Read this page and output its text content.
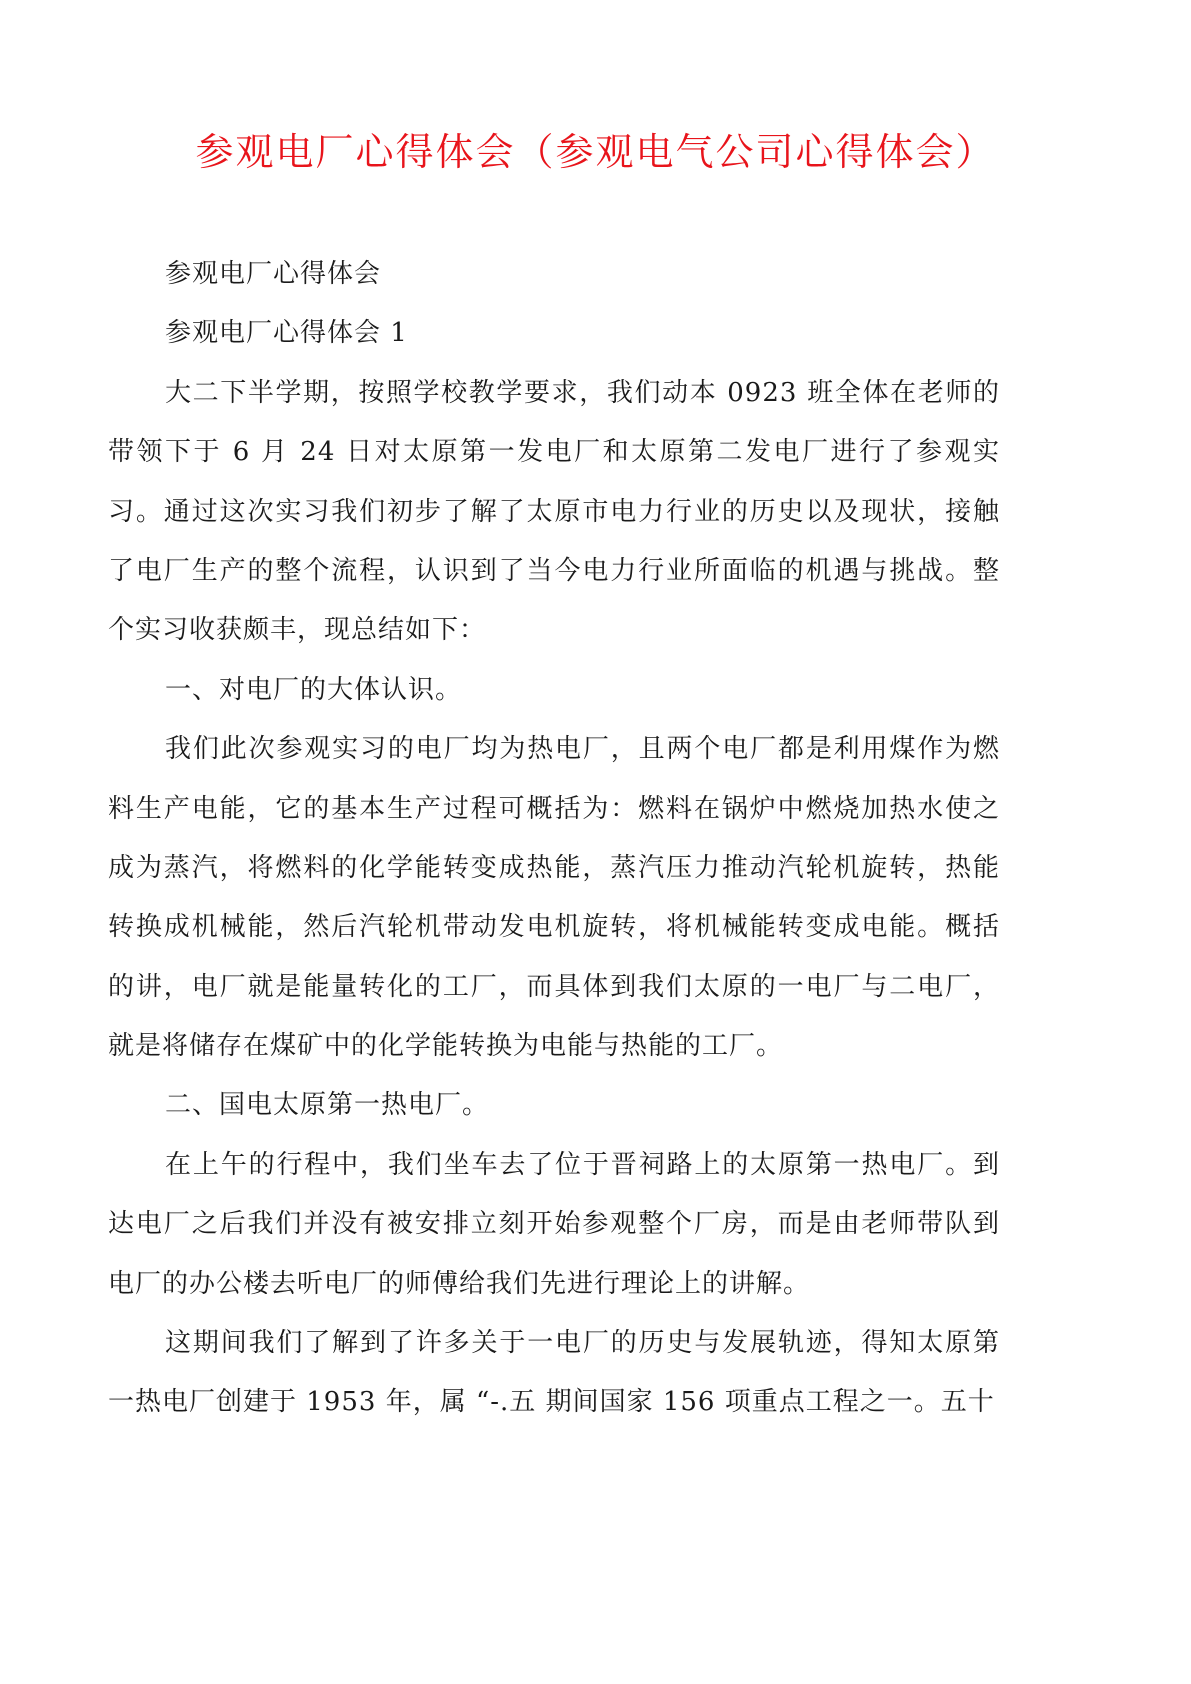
参观电厂心得体会（参观电气公司心得体会）
参观电厂心得体会
参观电厂心得体会 1
大二下半学期，按照学校教学要求，我们动本 0923 班全体在老师的
带领下于 6 月 24 日对太原第一发电厂和太原第二发电厂进行了参观实
习。通过这次实习我们初步了解了太原市电力行业的历史以及现状，接触
了电厂生产的整个流程，认识到了当今电力行业所面临的机遇与挑战。整
个实习收获颇丰，现总结如下：
一、对电厂的大体认识。
我们此次参观实习的电厂均为热电厂，且两个电厂都是利用煤作为燃
料生产电能，它的基本生产过程可概括为：燃料在锅炉中燃烧加热水使之
成为蒸汽，将燃料的化学能转变成热能，蒸汽压力推动汽轮机旋转，热能
转换成机械能，然后汽轮机带动发电机旋转，将机械能转变成电能。概括
的讲，电厂就是能量转化的工厂，而具体到我们太原的一电厂与二电厂，
就是将储存在煤矿中的化学能转换为电能与热能的工厂。
二、国电太原第一热电厂。
在上午的行程中，我们坐车去了位于晋祠路上的太原第一热电厂。到
达电厂之后我们并没有被安排立刻开始参观整个厂房，而是由老师带队到
电厂的办公楼去听电厂的师傅给我们先进行理论上的讲解。
这期间我们了解到了许多关于一电厂的历史与发展轨迹，得知太原第
一热电厂创建于 1953 年，属 “-.五 期间国家 156 项重点工程之一。五十
